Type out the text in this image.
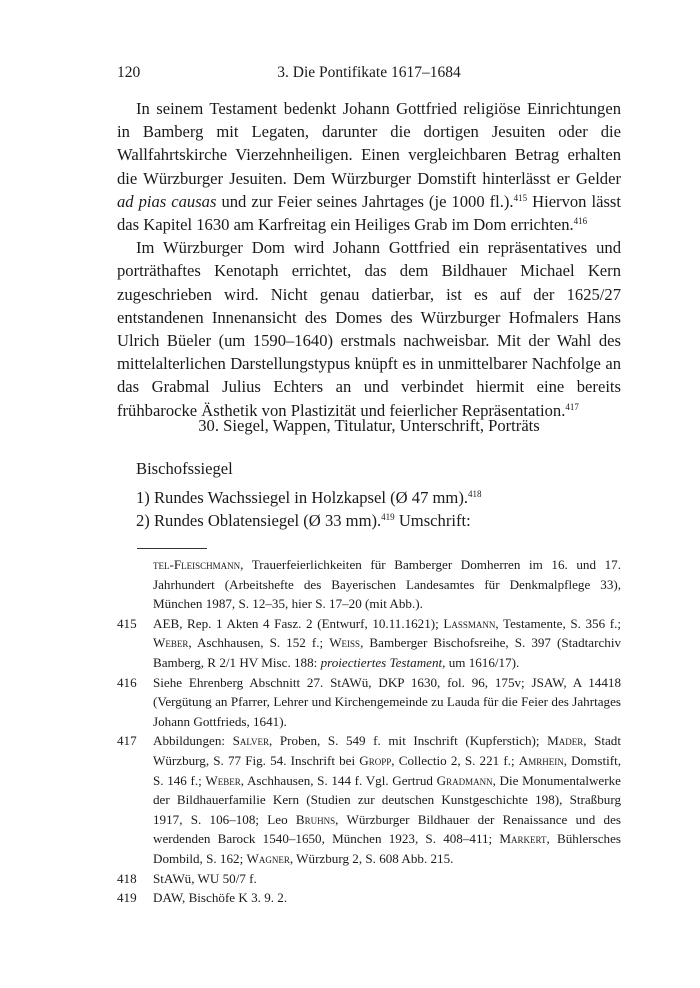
120	3. Die Pontifikate 1617–1684

In seinem Testament bedenkt Johann Gottfried religiöse Einrichtungen in Bamberg mit Legaten, darunter die dortigen Jesuiten oder die Wallfahrtskirche Vierzehnheiligen. Einen vergleichbaren Betrag erhalten die Würzburger Jesuiten. Dem Würzburger Domstift hinterlässt er Gelder ad pias causas und zur Feier seines Jahrtages (je 1000 fl.).$^{415}$ Hiervon lässt das Kapitel 1630 am Karfreitag ein Heiliges Grab im Dom errichten.$^{416}$

Im Würzburger Dom wird Johann Gottfried ein repräsentatives und porträthaftes Kenotaph errichtet, das dem Bildhauer Michael Kern zugeschrieben wird. Nicht genau datierbar, ist es auf der 1625/27 entstandenen Innenansicht des Domes des Würzburger Hofmalers Hans Ulrich Büeler (um 1590–1640) erstmals nachweisbar. Mit der Wahl des mittelalterlichen Darstellungstypus knüpft es in unmittelbarer Nachfolge an das Grabmal Julius Echters an und verbindet hiermit eine bereits frühbarocke Ästhetik von Plastizität und feierlicher Repräsentation.$^{417}$

30. Siegel, Wappen, Titulatur, Unterschrift, Porträts
Bischofssiegel
1) Rundes Wachssiegel in Holzkapsel (Ø 47 mm).$^{418}$
2) Rundes Oblatensiegel (Ø 33 mm).$^{419}$ Umschrift:
tel-Fleischmann, Trauerfeierlichkeiten für Bamberger Domherren im 16. und 17. Jahrhundert (Arbeitshefte des Bayerischen Landesamtes für Denkmalpflege 33), München 1987, S. 12–35, hier S. 17–20 (mit Abb.).
415	AEB, Rep. 1 Akten 4 Fasz. 2 (Entwurf, 10.11.1621); Lassmann, Testamente, S. 356 f.; Weber, Aschhausen, S. 152 f.; Weiss, Bamberger Bischofsreihe, S. 397 (Stadtarchiv Bamberg, R 2/1 HV Misc. 188: proiectiertes Testament, um 1616/17).
416	Siehe Ehrenberg Abschnitt 27. StAWü, DKP 1630, fol. 96, 175v; JSAW, A 14418 (Vergütung an Pfarrer, Lehrer und Kirchengemeinde zu Lauda für die Feier des Jahrtages Johann Gottfrieds, 1641).
417	Abbildungen: Salver, Proben, S. 549 f. mit Inschrift (Kupferstich); Mader, Stadt Würzburg, S. 77 Fig. 54. Inschrift bei Gropp, Collectio 2, S. 221 f.; Amrhein, Domstift, S. 146 f.; Weber, Aschhausen, S. 144 f. Vgl. Gertrud Gradmann, Die Monumentalwerke der Bildhauerfamilie Kern (Studien zur deutschen Kunstgeschichte 198), Straßburg 1917, S. 106–108; Leo Bruhns, Würzburger Bildhauer der Renaissance und des werdenden Barock 1540–1650, München 1923, S. 408–411; Markert, Bühlersches Dombild, S. 162; Wagner, Würzburg 2, S. 608 Abb. 215.
418	StAWü, WU 50/7 f.
419	DAW, Bischöfe K 3. 9. 2.
